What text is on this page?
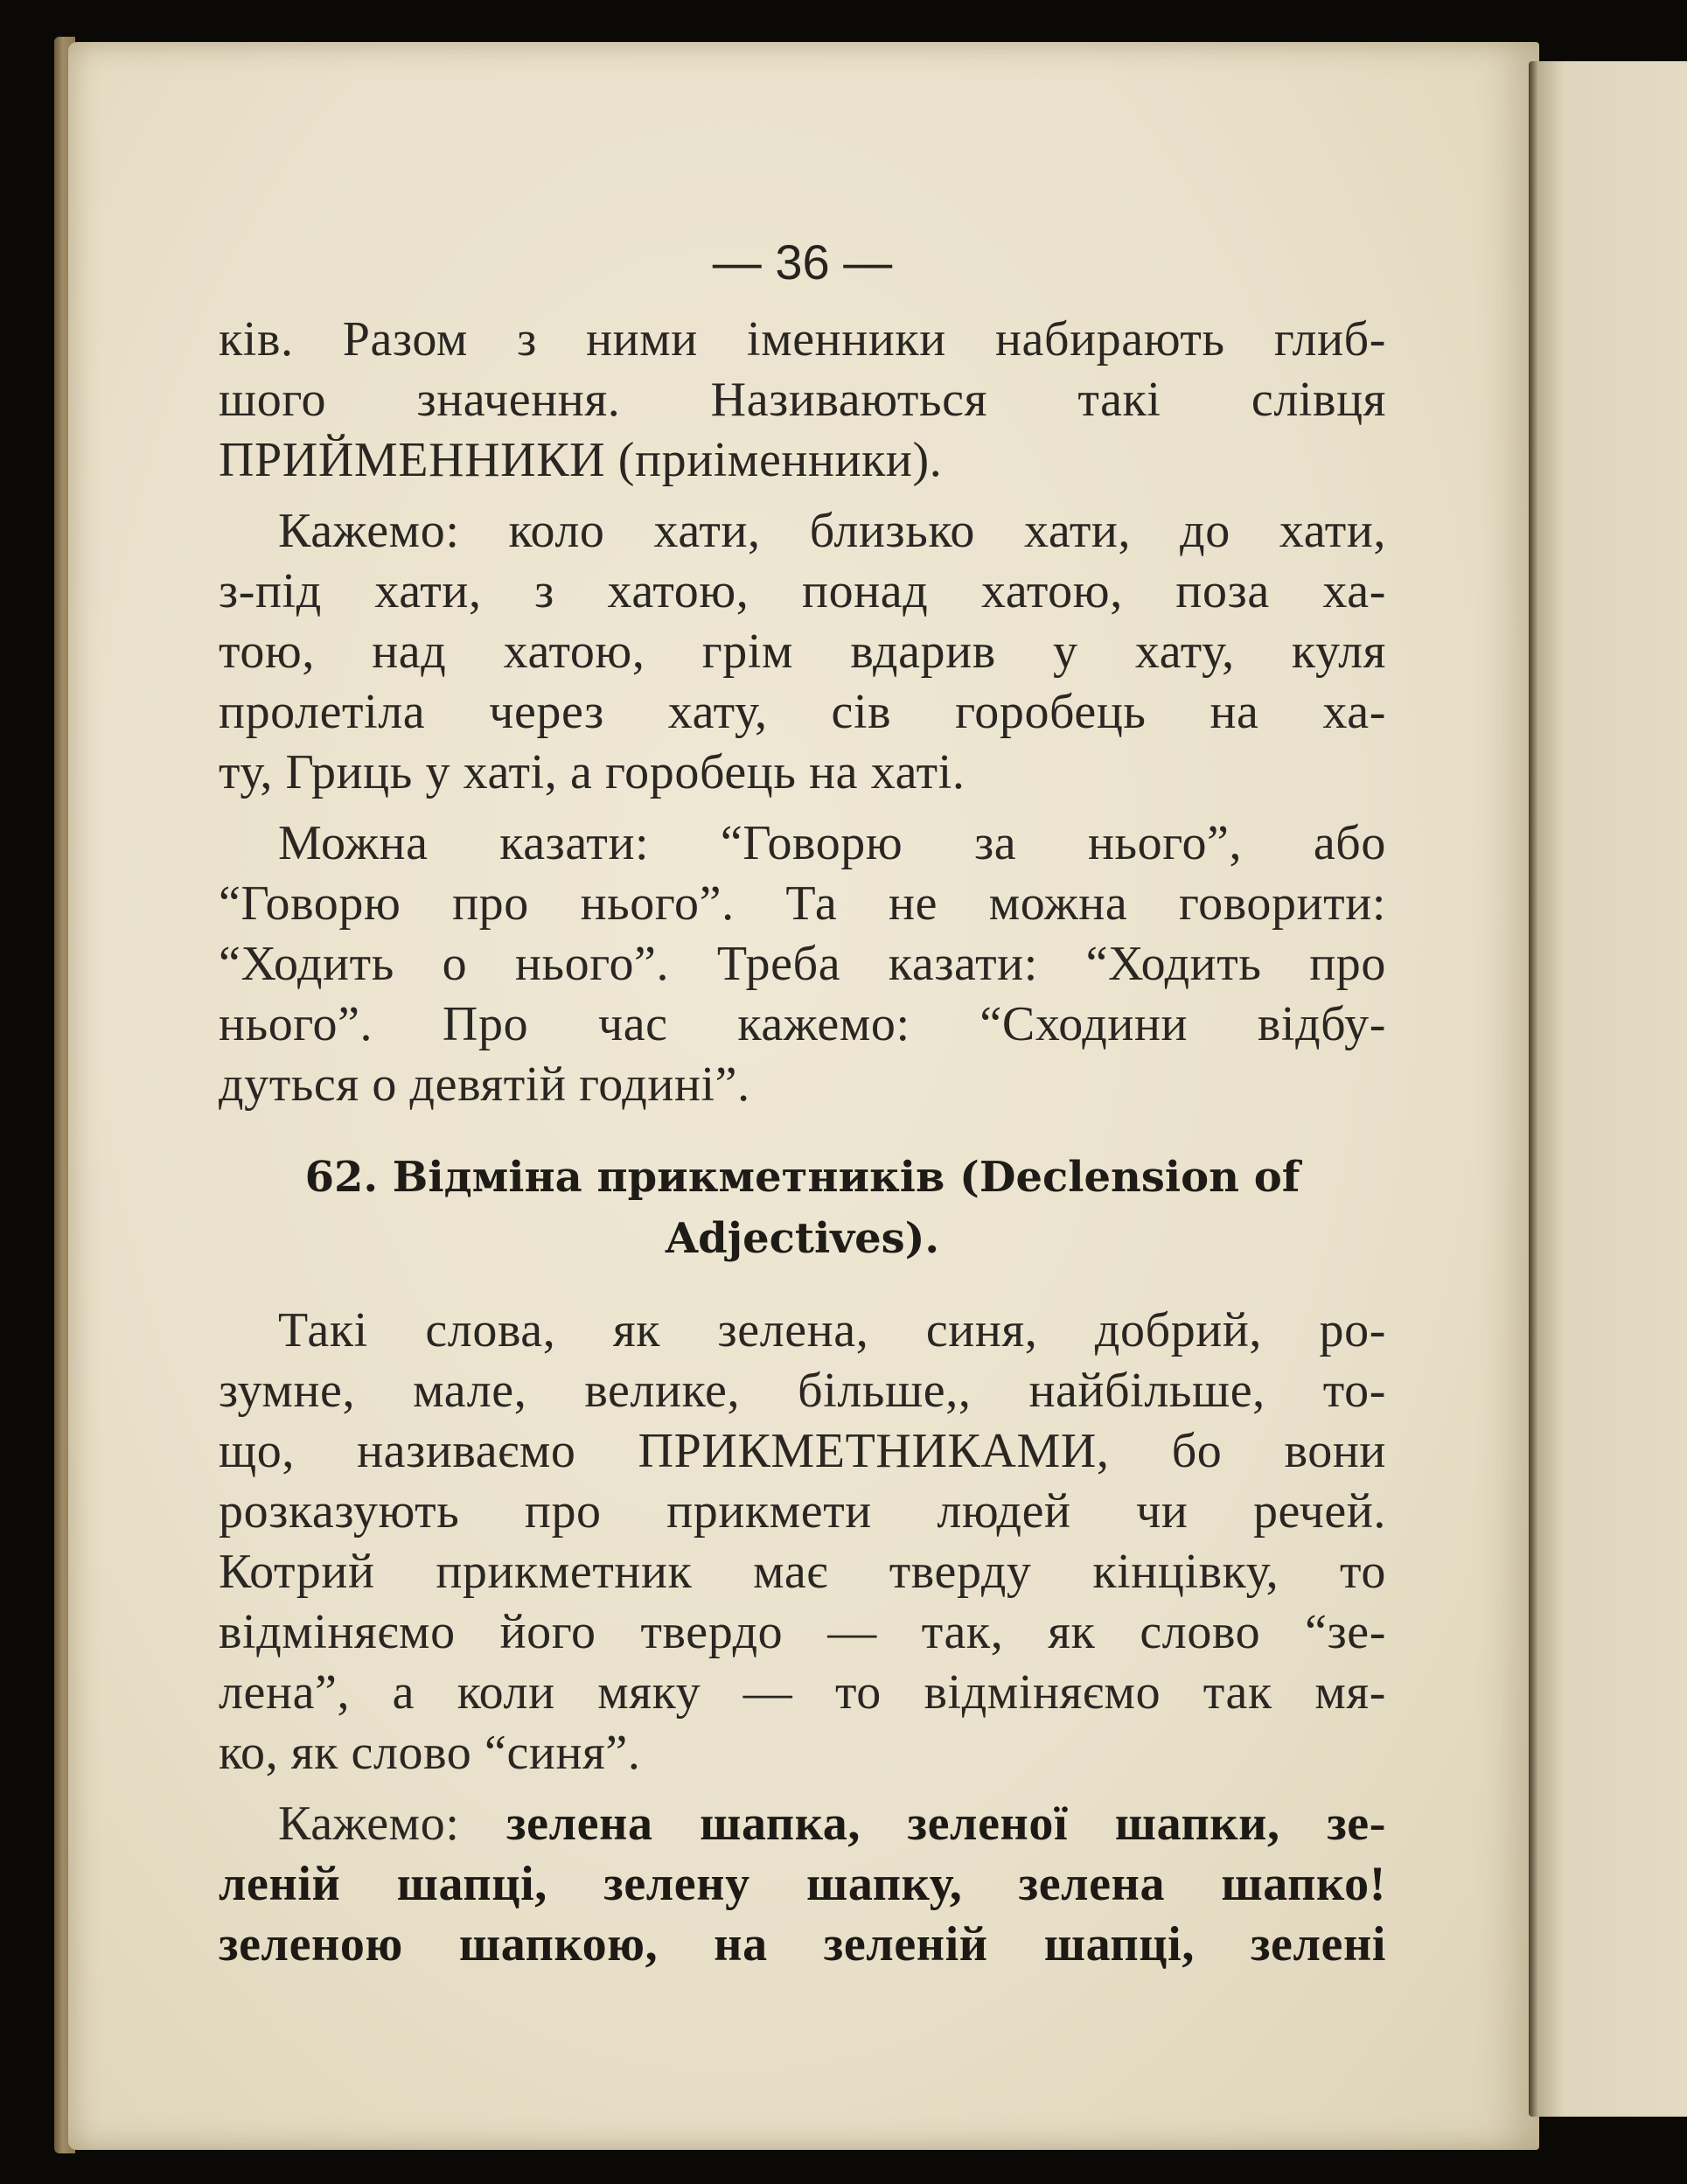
— 36 —
ків. Разом з ними іменники набирають глиб-
шого значення. Називаються такі слівця
ПРИЙМЕННИКИ (приіменники).
Кажемо: коло хати, близько хати, до хати,
з-під хати, з хатою, понад хатою, поза ха-
тою, над хатою, грім вдарив у хату, куля
пролетіла через хату, сів горобець на ха-
ту, Гриць у хаті, а горобець на хаті.
Можна казати: “Говорю за нього”, або
“Говорю про нього”. Та не можна говорити:
“Ходить о нього”. Треба казати: “Ходить про
нього”. Про час кажемо: “Сходини відбу-
дуться о девятій годині”.
62. Відміна прикметників (Declension of
Adjectives).
Такі слова, як зелена, синя, добрий, ро-
зумне, мале, велике, більше,, найбільше, то-
що, називаємо ПРИКМЕТНИКАМИ, бо вони
розказують про прикмети людей чи речей.
Котрий прикметник має тверду кінцівку, то
відміняємо його твердо — так, як слово “зе-
лена”, а коли мяку — то відміняємо так мя-
ко, як слово “синя”.
Кажемо: зелена шапка, зеленої шапки, зе-
леній шапці, зелену шапку, зелена шапко!
зеленою шапкою, на зеленій шапці, зелені
